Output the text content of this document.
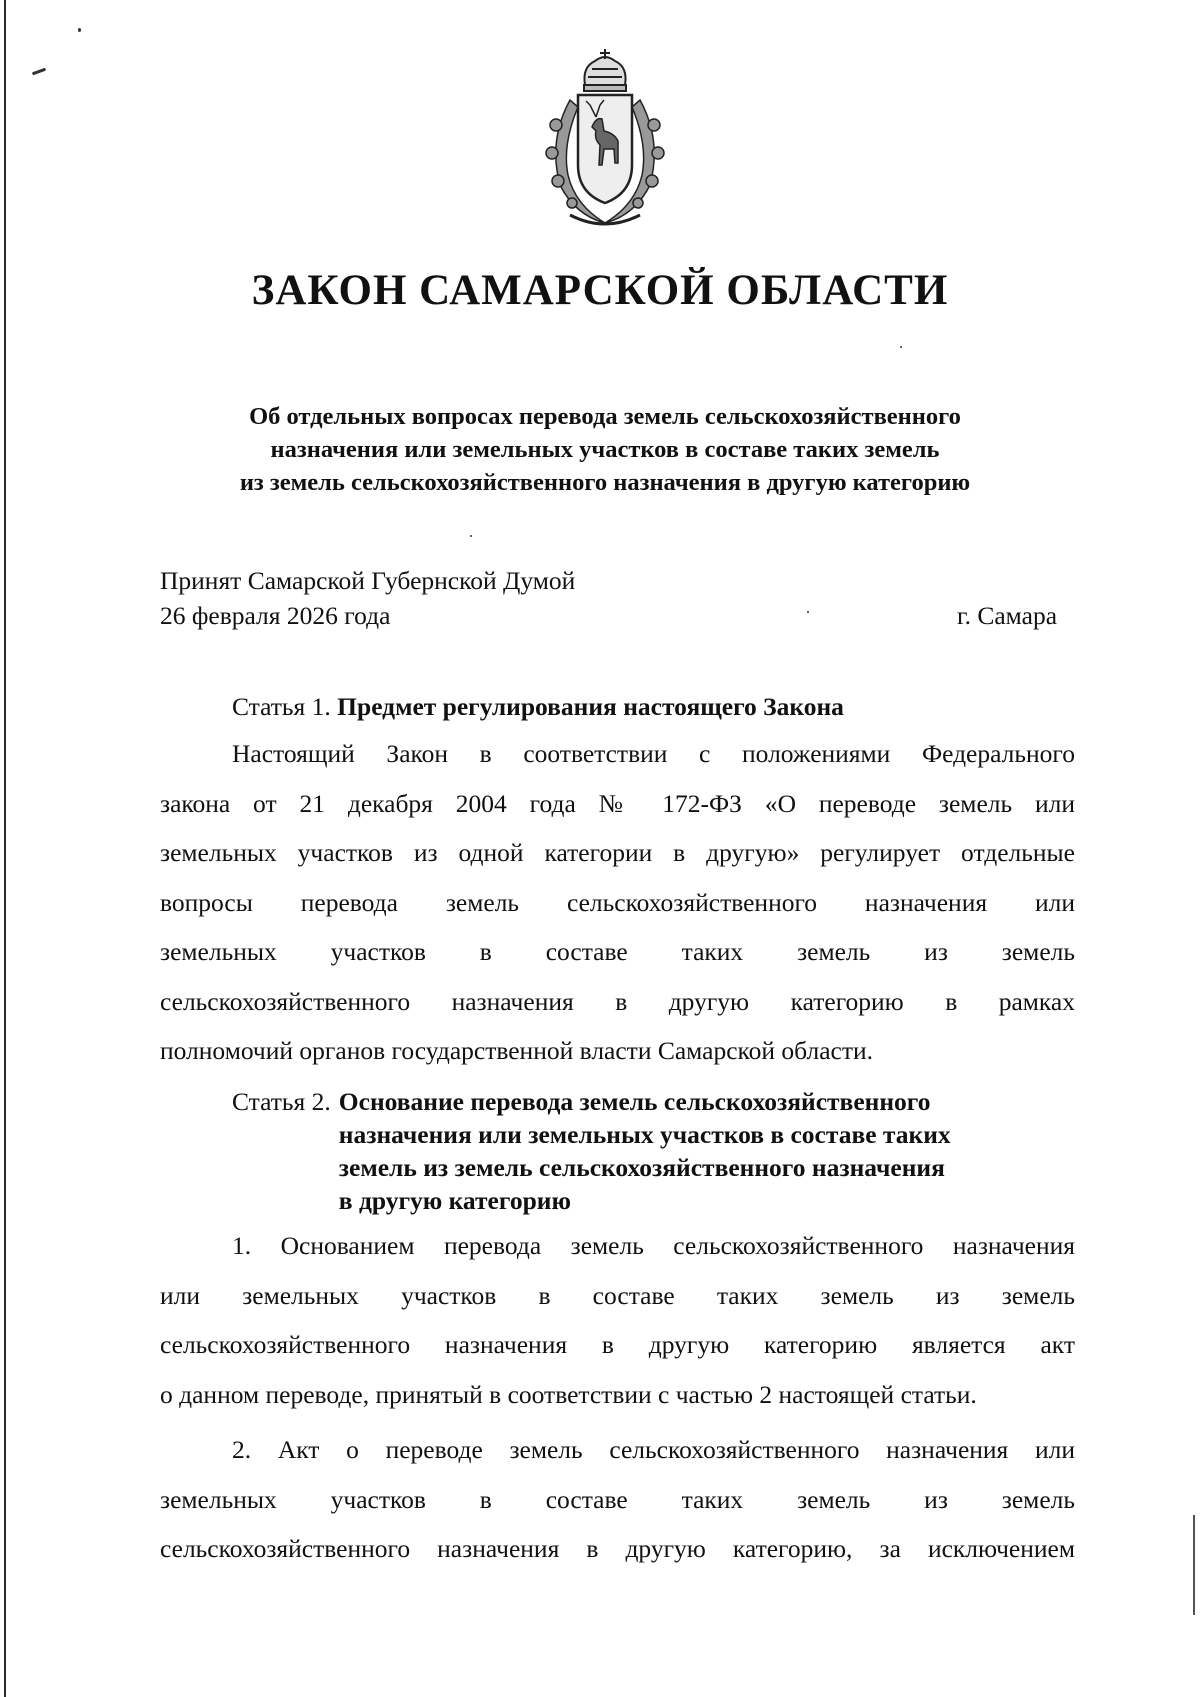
ЗАКОН САМАРСКОЙ ОБЛАСТИ
Об отдельных вопросах перевода земель сельскохозяйственного
назначения или земельных участков в составе таких земель
из земель сельскохозяйственного назначения в другую категорию
Принят Самарской Губернской Думой
26 февраля 2026 года	г. Самара
Статья 1. Предмет регулирования настоящего Закона
Настоящий Закон в соответствии с положениями Федерального
закона от 21 декабря 2004 года № 172-ФЗ «О переводе земель или
земельных участков из одной категории в другую» регулирует отдельные
вопросы перевода земель сельскохозяйственного назначения или
земельных участков в составе таких земель из земель
сельскохозяйственного назначения в другую категорию в рамках
полномочий органов государственной власти Самарской области.
Статья 2. Основание перевода земель сельскохозяйственного
назначения или земельных участков в составе таких
земель из земель сельскохозяйственного назначения
в другую категорию
1. Основанием перевода земель сельскохозяйственного назначения
или земельных участков в составе таких земель из земель
сельскохозяйственного назначения в другую категорию является акт
о данном переводе, принятый в соответствии с частью 2 настоящей статьи.
2. Акт о переводе земель сельскохозяйственного назначения или
земельных участков в составе таких земель из земель
сельскохозяйственного назначения в другую категорию, за исключением
